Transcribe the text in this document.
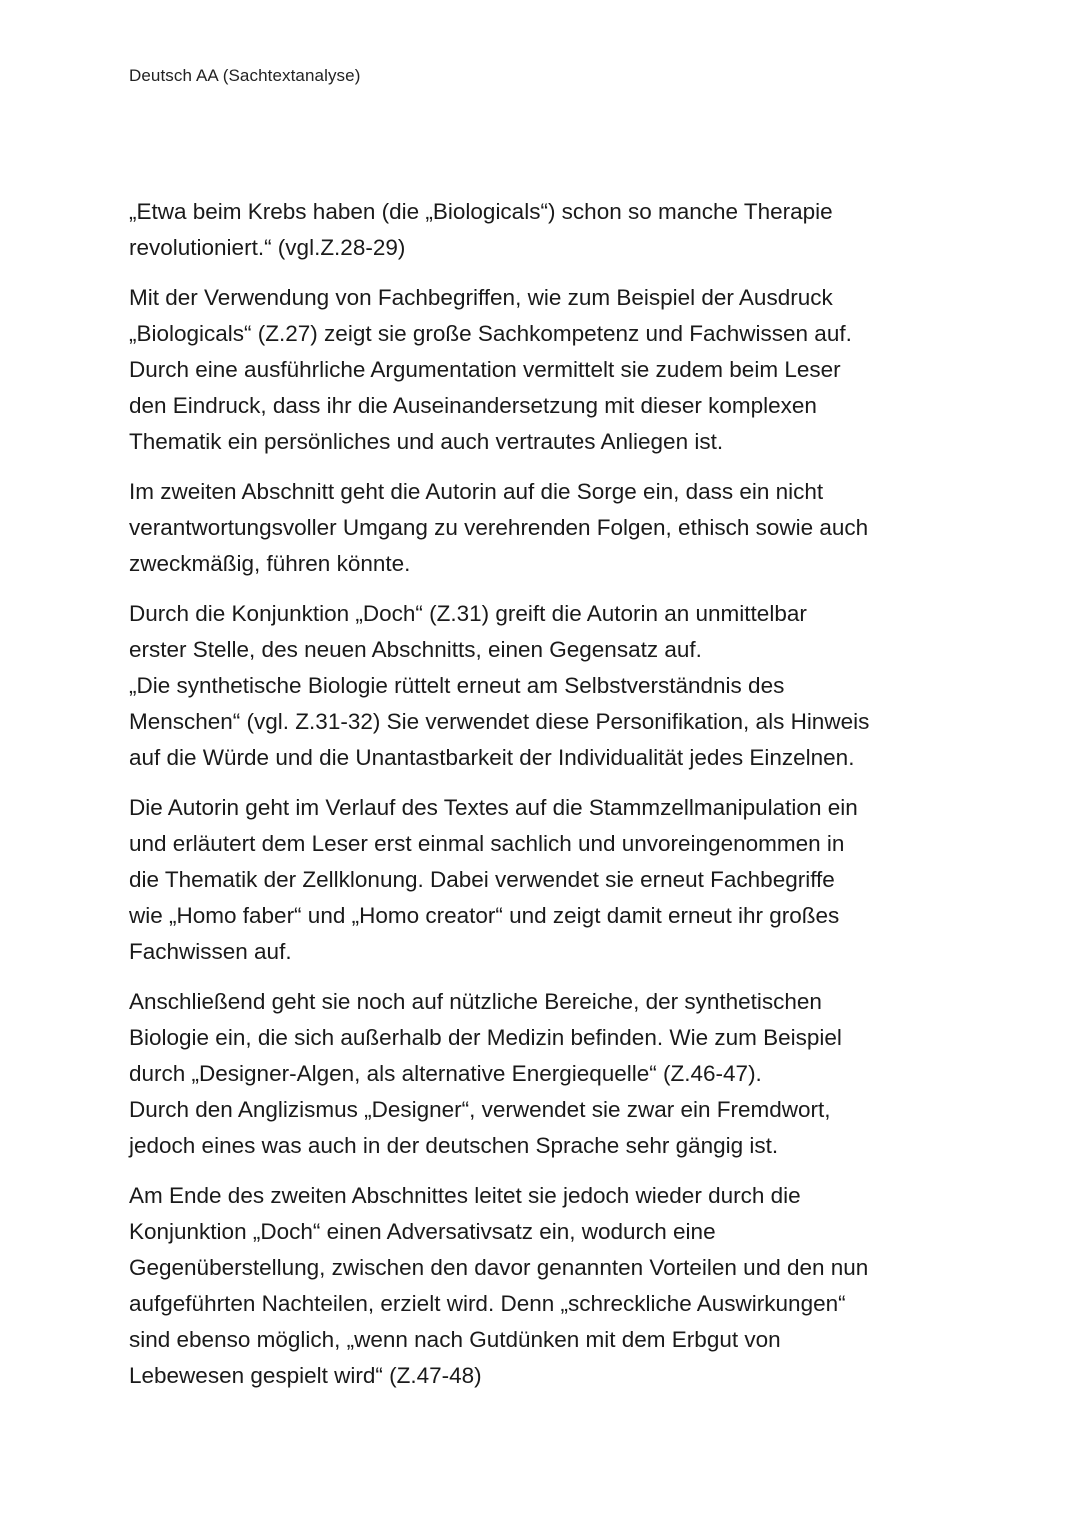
Deutsch AA (Sachtextanalyse)

„Etwa beim Krebs haben (die „Biologicals“) schon so manche Therapie
revolutioniert.“ (vgl.Z.28-29)

Mit der Verwendung von Fachbegriffen, wie zum Beispiel der Ausdruck
„Biologicals“ (Z.27) zeigt sie große Sachkompetenz und Fachwissen auf.
Durch eine ausführliche Argumentation vermittelt sie zudem beim Leser
den Eindruck, dass ihr die Auseinandersetzung mit dieser komplexen
Thematik ein persönliches und auch vertrautes Anliegen ist.

Im zweiten Abschnitt geht die Autorin auf die Sorge ein, dass ein nicht
verantwortungsvoller Umgang zu verehrenden Folgen, ethisch sowie auch
zweckmäßig, führen könnte.

Durch die Konjunktion „Doch“ (Z.31) greift die Autorin an unmittelbar
erster Stelle, des neuen Abschnitts, einen Gegensatz auf.
„Die synthetische Biologie rüttelt erneut am Selbstverständnis des
Menschen“ (vgl. Z.31-32) Sie verwendet diese Personifikation, als Hinweis
auf die Würde und die Unantastbarkeit der Individualität jedes Einzelnen.

Die Autorin geht im Verlauf des Textes auf die Stammzellmanipulation ein
und erläutert dem Leser erst einmal sachlich und unvoreingenommen in
die Thematik der Zellklonung. Dabei verwendet sie erneut Fachbegriffe
wie „Homo faber“ und „Homo creator“ und zeigt damit erneut ihr großes
Fachwissen auf.

Anschließend geht sie noch auf nützliche Bereiche, der synthetischen
Biologie ein, die sich außerhalb der Medizin befinden. Wie zum Beispiel
durch „Designer-Algen, als alternative Energiequelle“ (Z.46-47).
Durch den Anglizismus „Designer“, verwendet sie zwar ein Fremdwort,
jedoch eines was auch in der deutschen Sprache sehr gängig ist.

Am Ende des zweiten Abschnittes leitet sie jedoch wieder durch die
Konjunktion „Doch“ einen Adversativsatz ein, wodurch eine
Gegenüberstellung, zwischen den davor genannten Vorteilen und den nun
aufgeführten Nachteilen, erzielt wird. Denn „schreckliche Auswirkungen“
sind ebenso möglich, „wenn nach Gutdünken mit dem Erbgut von
Lebewesen gespielt wird“ (Z.47-48)
